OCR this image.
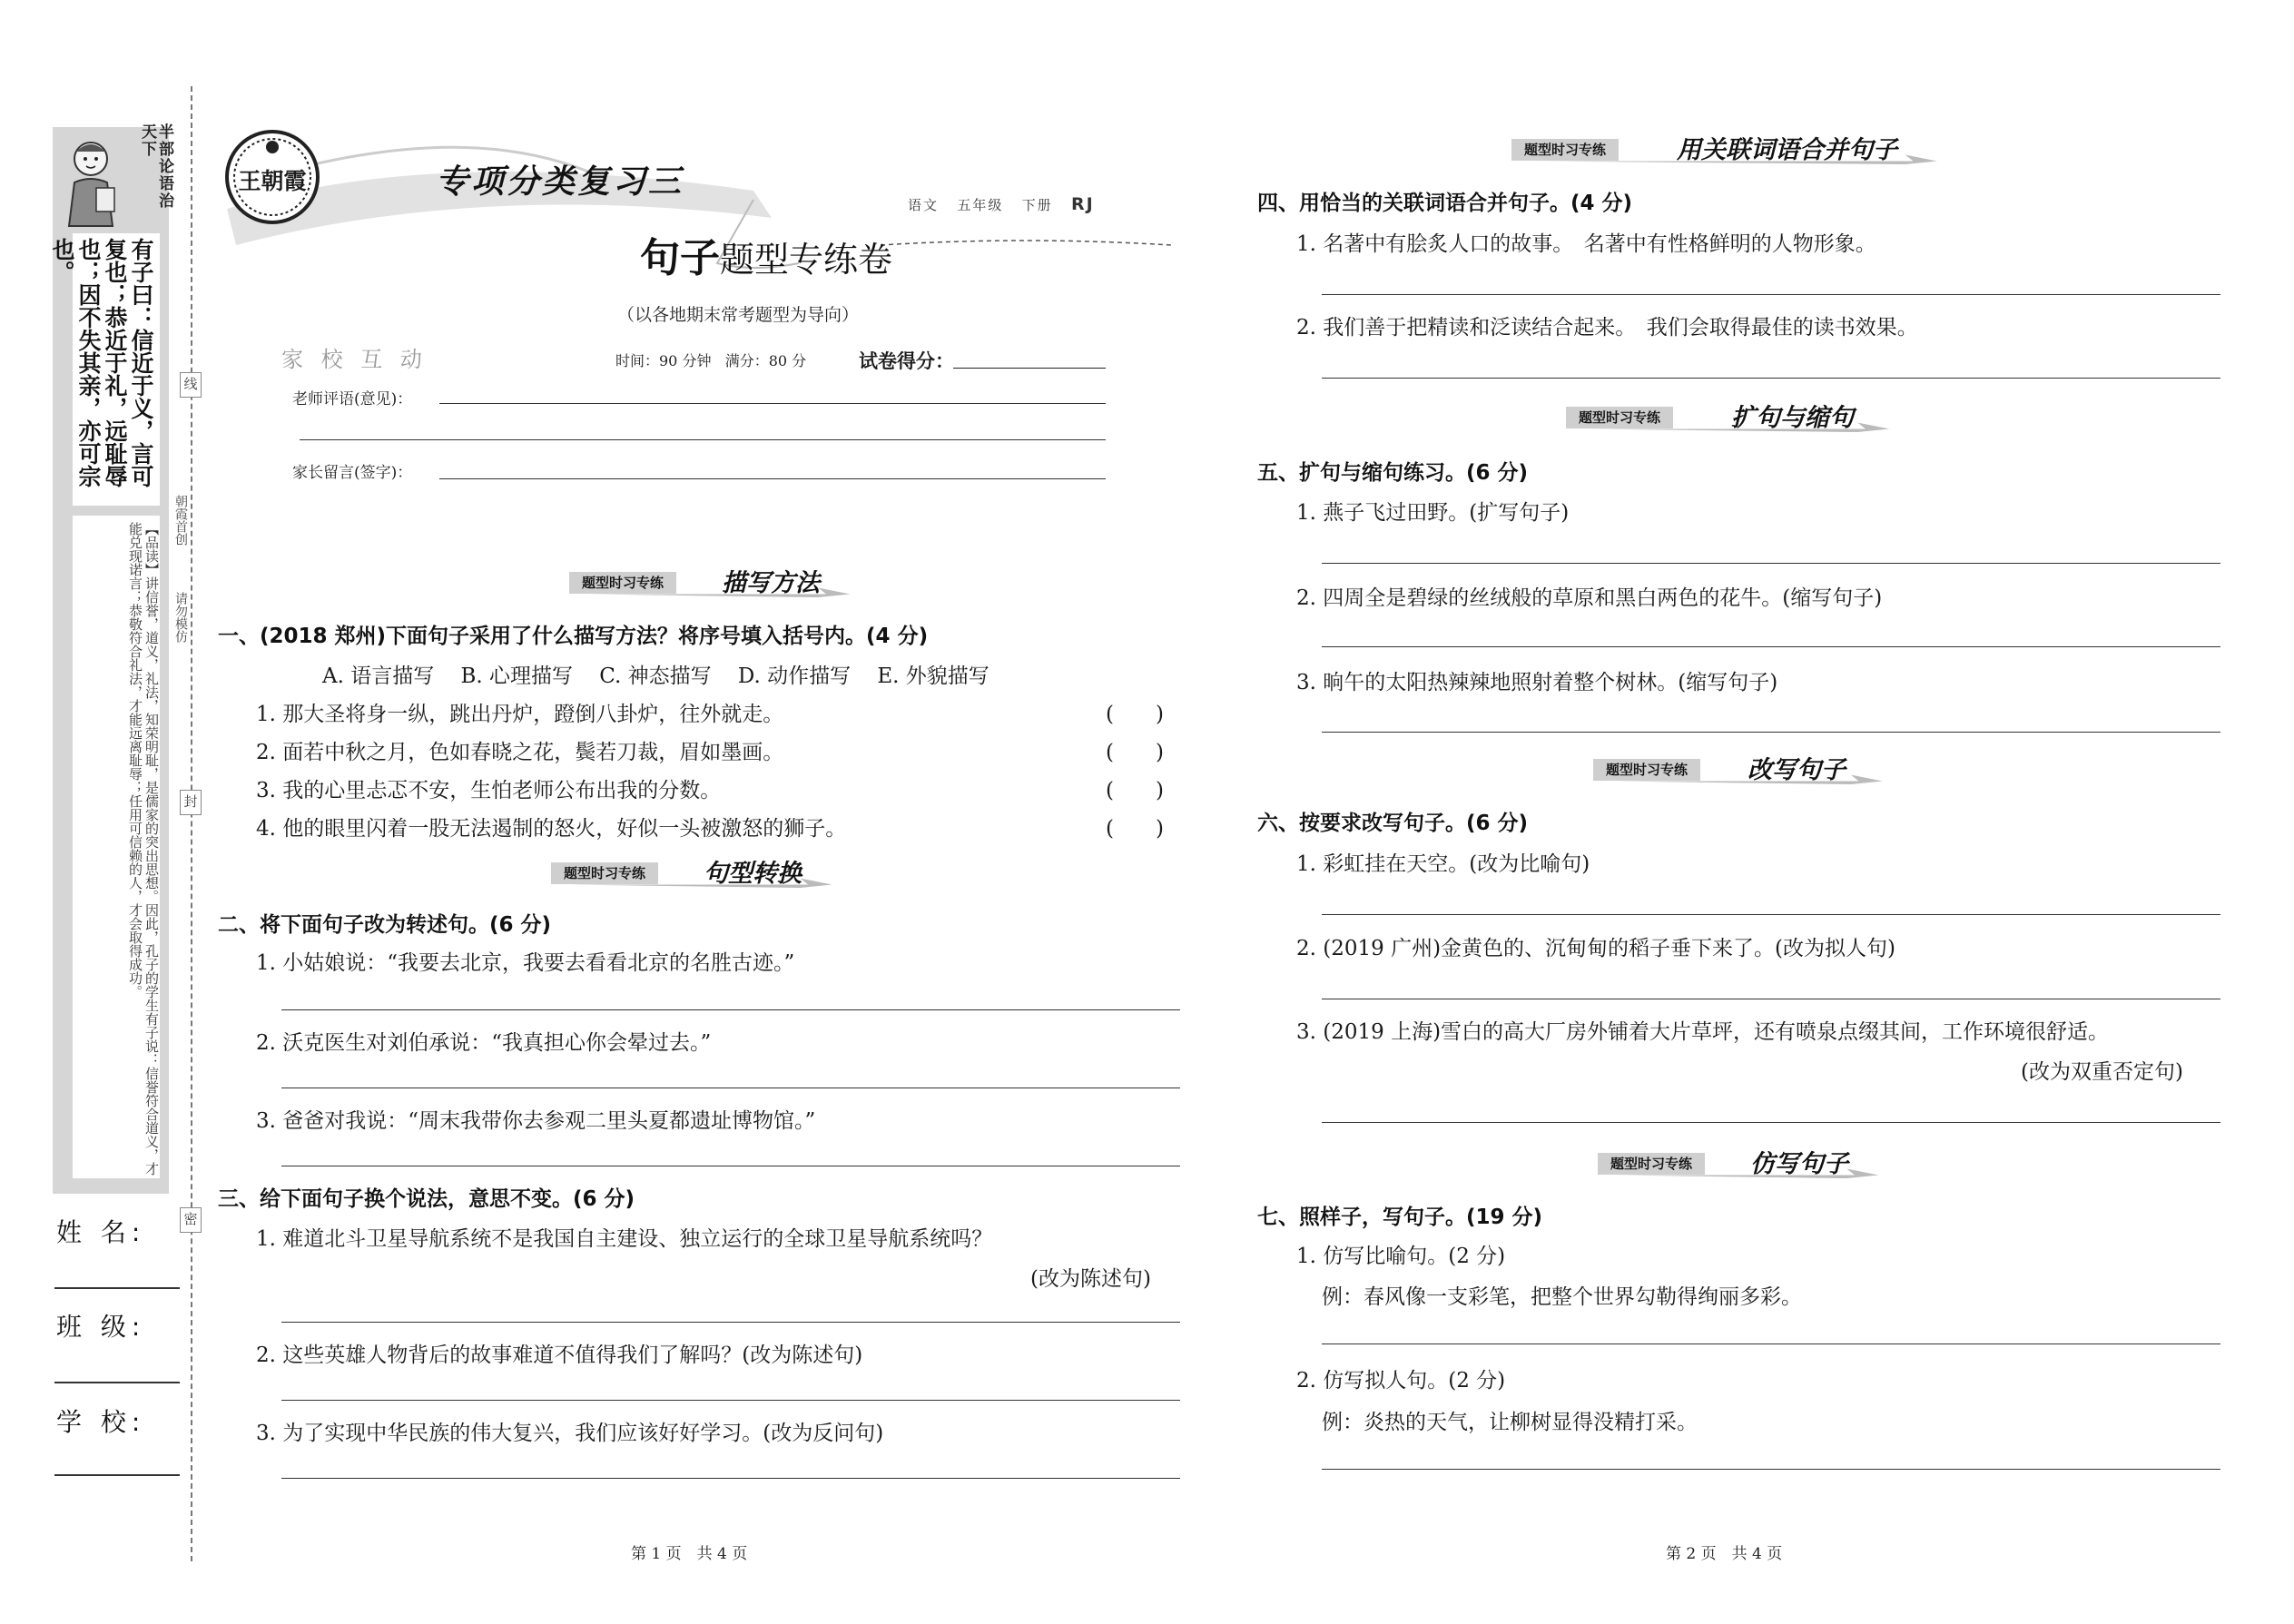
半部论语治天下
有子曰：信近于义，言可复也；恭近于礼，远耻辱也；因不失其亲，亦可宗也。
【品读】讲信誉，道义，礼法，知荣明耻，是儒家的突出思想。因此，孔子的学生有子说：信誉符合道义，才能兑现诺言；恭敬符合礼法，才能远离耻辱；任用可信赖的人，才会取得成功。
朝霞首创
请勿模仿
线
封
密
姓 名:
班 级:
学 校:
王朝霞	专项分类复习三
句子题型专练卷
语文 五年级 下册 RJ
（以各地期末常考题型为导向）
家 校 互 动	时间：90 分钟 满分：80 分	试卷得分：
老师评语(意见)：
家长留言(签字)：
题型时习专练	描写方法
一、(2018 郑州)下面句子采用了什么描写方法？将序号填入括号内。(4 分)
A. 语言描写    B. 心理描写    C. 神态描写    D. 动作描写    E. 外貌描写
1. 那大圣将身一纵，跳出丹炉，蹬倒八卦炉，往外就走。	(　　)
2. 面若中秋之月，色如春晓之花，鬓若刀裁，眉如墨画。	(　　)
3. 我的心里忐忑不安，生怕老师公布出我的分数。	(　　)
4. 他的眼里闪着一股无法遏制的怒火，好似一头被激怒的狮子。	(　　)
题型时习专练	句型转换
二、将下面句子改为转述句。(6 分)
1. 小姑娘说：“我要去北京，我要去看看北京的名胜古迹。”
2. 沃克医生对刘伯承说：“我真担心你会晕过去。”
3. 爸爸对我说：“周末我带你去参观二里头夏都遗址博物馆。”
三、给下面句子换个说法，意思不变。(6 分)
1. 难道北斗卫星导航系统不是我国自主建设、独立运行的全球卫星导航系统吗？
(改为陈述句)
2. 这些英雄人物背后的故事难道不值得我们了解吗？(改为陈述句)
3. 为了实现中华民族的伟大复兴，我们应该好好学习。(改为反问句)
第 1 页　共 4 页
题型时习专练	用关联词语合并句子
四、用恰当的关联词语合并句子。(4 分)
1. 名著中有脍炙人口的故事。　名著中有性格鲜明的人物形象。
2. 我们善于把精读和泛读结合起来。　我们会取得最佳的读书效果。
题型时习专练	扩句与缩句
五、扩句与缩句练习。(6 分)
1. 燕子飞过田野。(扩写句子)
2. 四周全是碧绿的丝绒般的草原和黑白两色的花牛。(缩写句子)
3. 晌午的太阳热辣辣地照射着整个树林。(缩写句子)
题型时习专练	改写句子
六、按要求改写句子。(6 分)
1. 彩虹挂在天空。(改为比喻句)
2. (2019 广州)金黄色的、沉甸甸的稻子垂下来了。(改为拟人句)
3. (2019 上海)雪白的高大厂房外铺着大片草坪，还有喷泉点缀其间，工作环境很舒适。
(改为双重否定句)
题型时习专练	仿写句子
七、照样子，写句子。(19 分)
1. 仿写比喻句。(2 分)
例：春风像一支彩笔，把整个世界勾勒得绚丽多彩。
2. 仿写拟人句。(2 分)
例：炎热的天气，让柳树显得没精打采。
第 2 页　共 4 页
